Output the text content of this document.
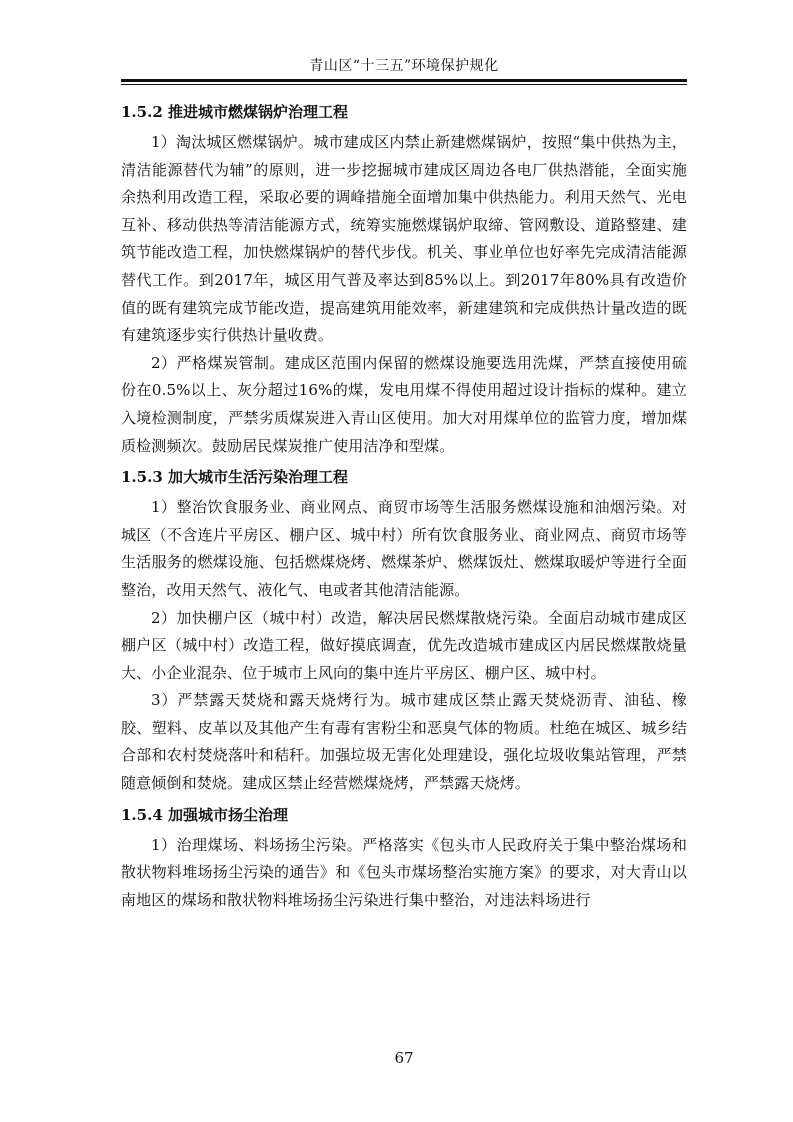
青山区“十三五”环境保护规化
1.5.2 推进城市燃煤锅炉治理工程

1）淘汰城区燃煤锅炉。城市建成区内禁止新建燃煤锅炉，按照“集中供热为主，清洁能源替代为辅”的原则，进一步挖掘城市建成区周边各电厂供热潜能，全面实施余热利用改造工程，采取必要的调峰措施全面增加集中供热能力。利用天然气、光电互补、移动供热等清洁能源方式，统筹实施燃煤锅炉取缔、管网敷设、道路整建、建筑节能改造工程，加快燃煤锅炉的替代步伐。机关、事业单位也好率先完成清洁能源替代工作。到2017年，城区用气普及率达到85%以上。到2017年80%具有改造价值的既有建筑完成节能改造，提高建筑用能效率，新建建筑和完成供热计量改造的既有建筑逐步实行供热计量收费。

2）严格煤炭管制。建成区范围内保留的燃煤设施要选用洗煤，严禁直接使用硫份在0.5%以上、灰分超过16%的煤，发电用煤不得使用超过设计指标的煤种。建立入境检测制度，严禁劣质煤炭进入青山区使用。加大对用煤单位的监管力度，增加煤质检测频次。鼓励居民煤炭推广使用洁净和型煤。

1.5.3 加大城市生活污染治理工程

1）整治饮食服务业、商业网点、商贸市场等生活服务燃煤设施和油烟污染。对城区（不含连片平房区、棚户区、城中村）所有饮食服务业、商业网点、商贸市场等生活服务的燃煤设施、包括燃煤烧烤、燃煤茶炉、燃煤饭灶、燃煤取暖炉等进行全面整治，改用天然气、液化气、电或者其他清洁能源。

2）加快棚户区（城中村）改造，解决居民燃煤散烧污染。全面启动城市建成区棚户区（城中村）改造工程，做好摸底调查，优先改造城市建成区内居民燃煤散烧量大、小企业混杂、位于城市上风向的集中连片平房区、棚户区、城中村。

3）严禁露天焚烧和露天烧烤行为。城市建成区禁止露天焚烧沥青、油毡、橡胶、塑料、皮革以及其他产生有毒有害粉尘和恶臭气体的物质。杜绝在城区、城乡结合部和农村焚烧落叶和秸秆。加强垃圾无害化处理建设，强化垃圾收集站管理，严禁随意倾倒和焚烧。建成区禁止经营燃煤烧烤，严禁露天烧烤。

1.5.4 加强城市扬尘治理

1）治理煤场、料场扬尘污染。严格落实《包头市人民政府关于集中整治煤场和散状物料堆场扬尘污染的通告》和《包头市煤场整治实施方案》的要求，对大青山以南地区的煤场和散状物料堆场扬尘污染进行集中整治，对违法料场进行

67
